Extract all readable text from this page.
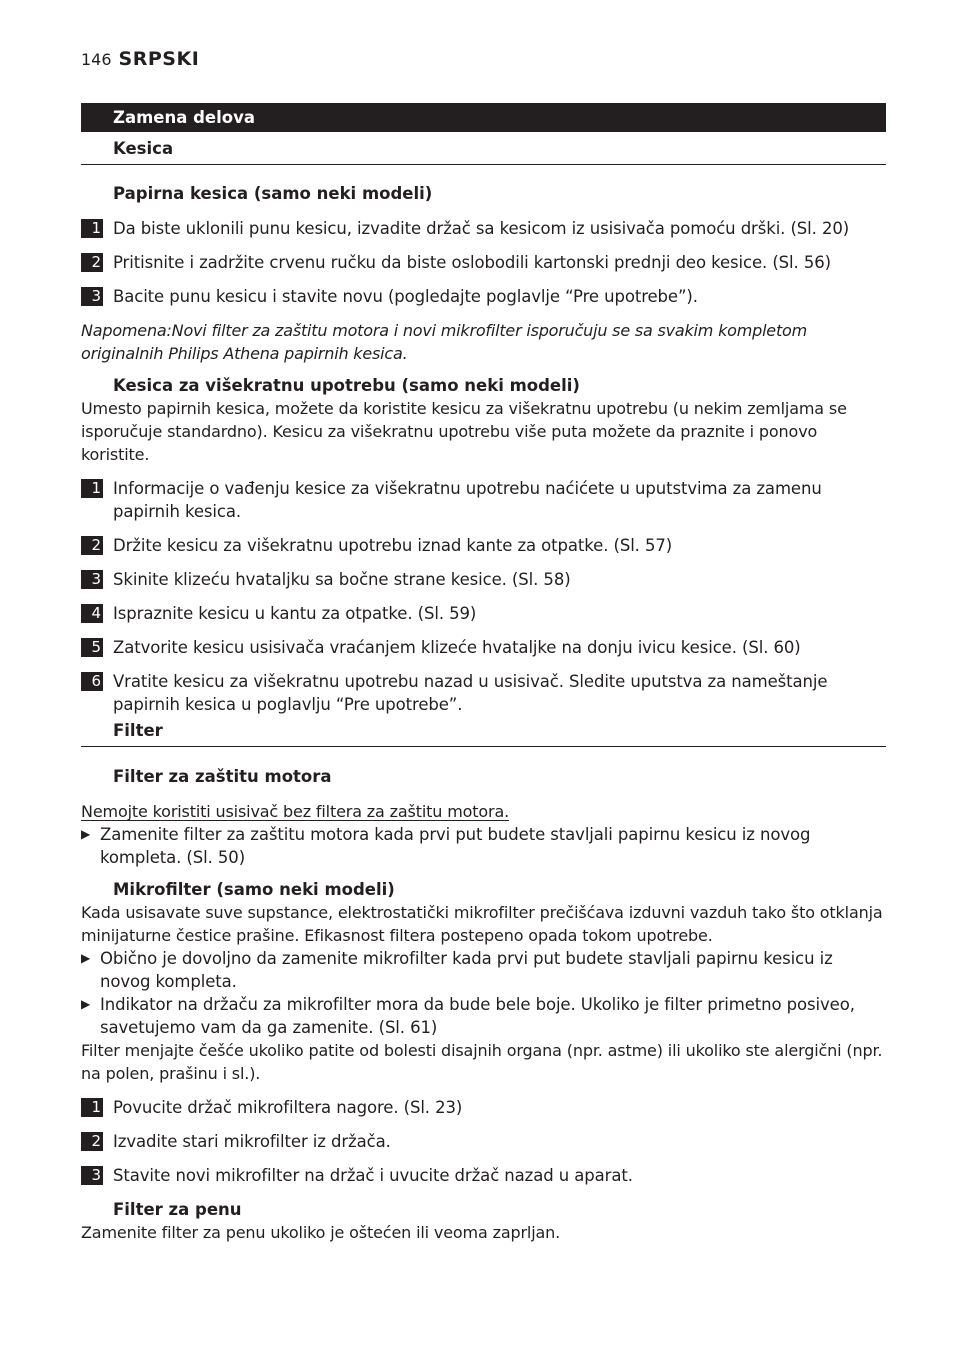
146 SRPSKI
Zamena delova
Kesica
Papirna kesica (samo neki modeli)
1 Da biste uklonili punu kesicu, izvadite držač sa kesicom iz usisivača pomoću drški. (Sl. 20)
2 Pritisnite i zadržite crvenu ručku da biste oslobodili kartonski prednji deo kesice. (Sl. 56)
3 Bacite punu kesicu i stavite novu (pogledajte poglavlje “Pre upotrebe”).
Napomena:Novi filter za zaštitu motora i novi mikrofilter isporučuju se sa svakim kompletom originalnih Philips Athena papirnih kesica.
Kesica za višekratnu upotrebu (samo neki modeli)
Umesto papirnih kesica, možete da koristite kesicu za višekratnu upotrebu (u nekim zemljama se isporučuje standardno). Kesicu za višekratnu upotrebu više puta možete da praznite i ponovo koristite.
1 Informacije o vađenju kesice za višekratnu upotrebu naćićete u uputstvima za zamenu papirnih kesica.
2 Držite kesicu za višekratnu upotrebu iznad kante za otpatke. (Sl. 57)
3 Skinite klizeću hvataljku sa bočne strane kesice. (Sl. 58)
4 Ispraznite kesicu u kantu za otpatke. (Sl. 59)
5 Zatvorite kesicu usisivača vraćanjem klizeće hvataljke na donju ivicu kesice. (Sl. 60)
6 Vratite kesicu za višekratnu upotrebu nazad u usisivač. Sledite uputstva za nameštanje papirnih kesica u poglavlju “Pre upotrebe”.
Filter
Filter za zaštitu motora
Nemojte koristiti usisivač bez filtera za zaštitu motora.
▶ Zamenite filter za zaštitu motora kada prvi put budete stavljali papirnu kesicu iz novog kompleta. (Sl. 50)
Mikrofilter (samo neki modeli)
Kada usisavate suve supstance, elektrostatički mikrofilter prečišćava izduvni vazduh tako što otklanja minijaturne čestice prašine. Efikasnost filtera postepeno opada tokom upotrebe.
▶ Obično je dovoljno da zamenite mikrofilter kada prvi put budete stavljali papirnu kesicu iz novog kompleta.
▶ Indikator na držaču za mikrofilter mora da bude bele boje. Ukoliko je filter primetno posiveo, savetujemo vam da ga zamenite. (Sl. 61)
Filter menjajte češće ukoliko patite od bolesti disajnih organa (npr. astme) ili ukoliko ste alergični (npr. na polen, prašinu i sl.).
1 Povucite držač mikrofiltera nagore. (Sl. 23)
2 Izvadite stari mikrofilter iz držača.
3 Stavite novi mikrofilter na držač i uvucite držač nazad u aparat.
Filter za penu
Zamenite filter za penu ukoliko je oštećen ili veoma zaprljan.
